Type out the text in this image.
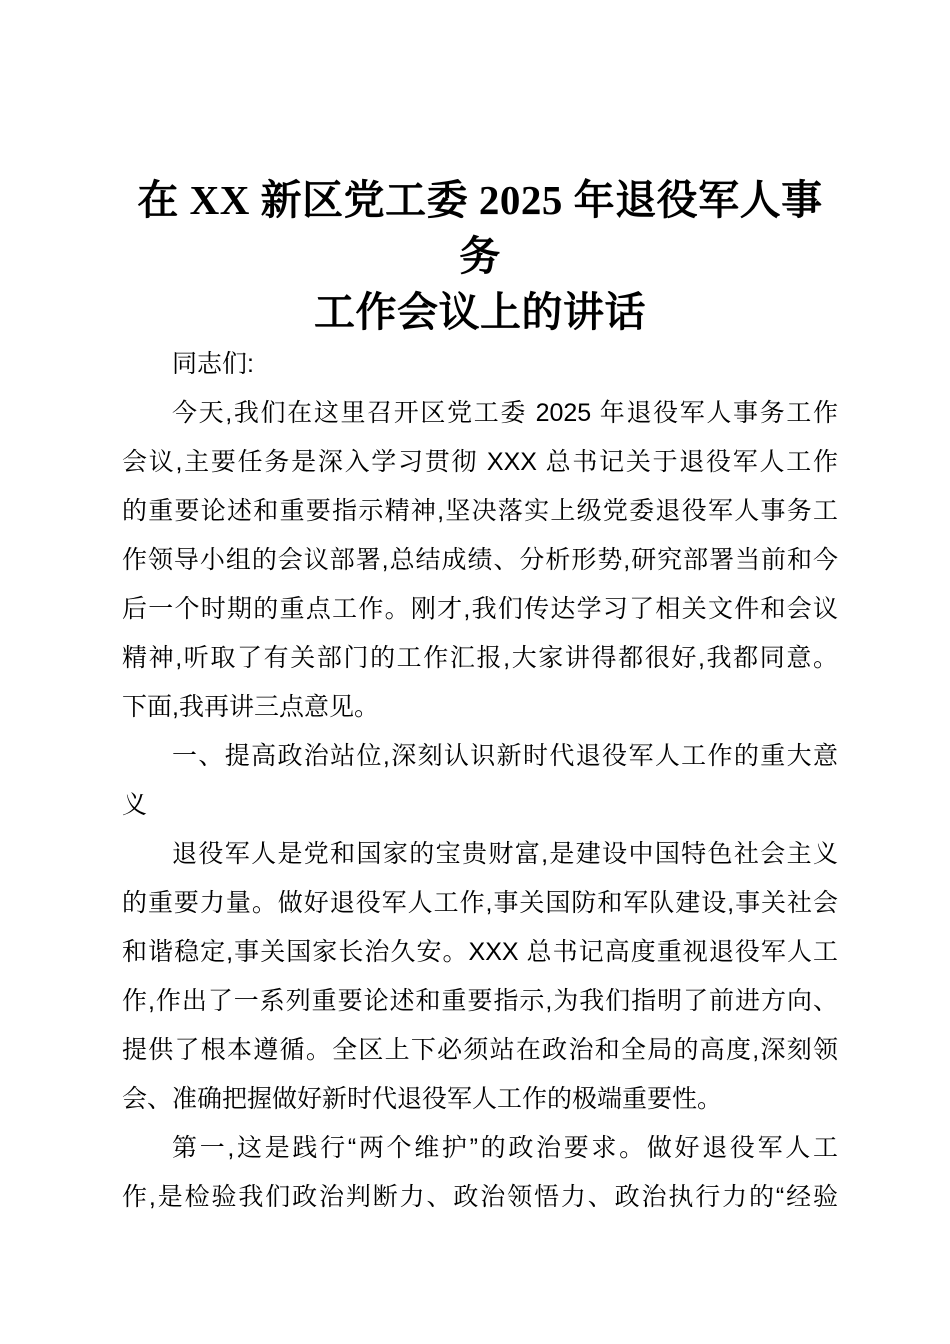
在 XX 新区党工委 2025 年退役军人事务
工作会议上的讲话
同志们:
今天,我们在这里召开区党工委 2025 年退役军人事务工作
会议,主要任务是深入学习贯彻 XXX 总书记关于退役军人工作
的重要论述和重要指示精神,坚决落实上级党委退役军人事务工
作领导小组的会议部署,总结成绩、分析形势,研究部署当前和今
后一个时期的重点工作。刚才,我们传达学习了相关文件和会议
精神,听取了有关部门的工作汇报,大家讲得都很好,我都同意。
下面,我再讲三点意见。
一、提高政治站位,深刻认识新时代退役军人工作的重大意
义
退役军人是党和国家的宝贵财富,是建设中国特色社会主义
的重要力量。做好退役军人工作,事关国防和军队建设,事关社会
和谐稳定,事关国家长治久安。XXX 总书记高度重视退役军人工
作,作出了一系列重要论述和重要指示,为我们指明了前进方向、
提供了根本遵循。全区上下必须站在政治和全局的高度,深刻领
会、准确把握做好新时代退役军人工作的极端重要性。
第一,这是践行“两个维护”的政治要求。做好退役军人工
作,是检验我们政治判断力、政治领悟力、政治执行力的“经验
